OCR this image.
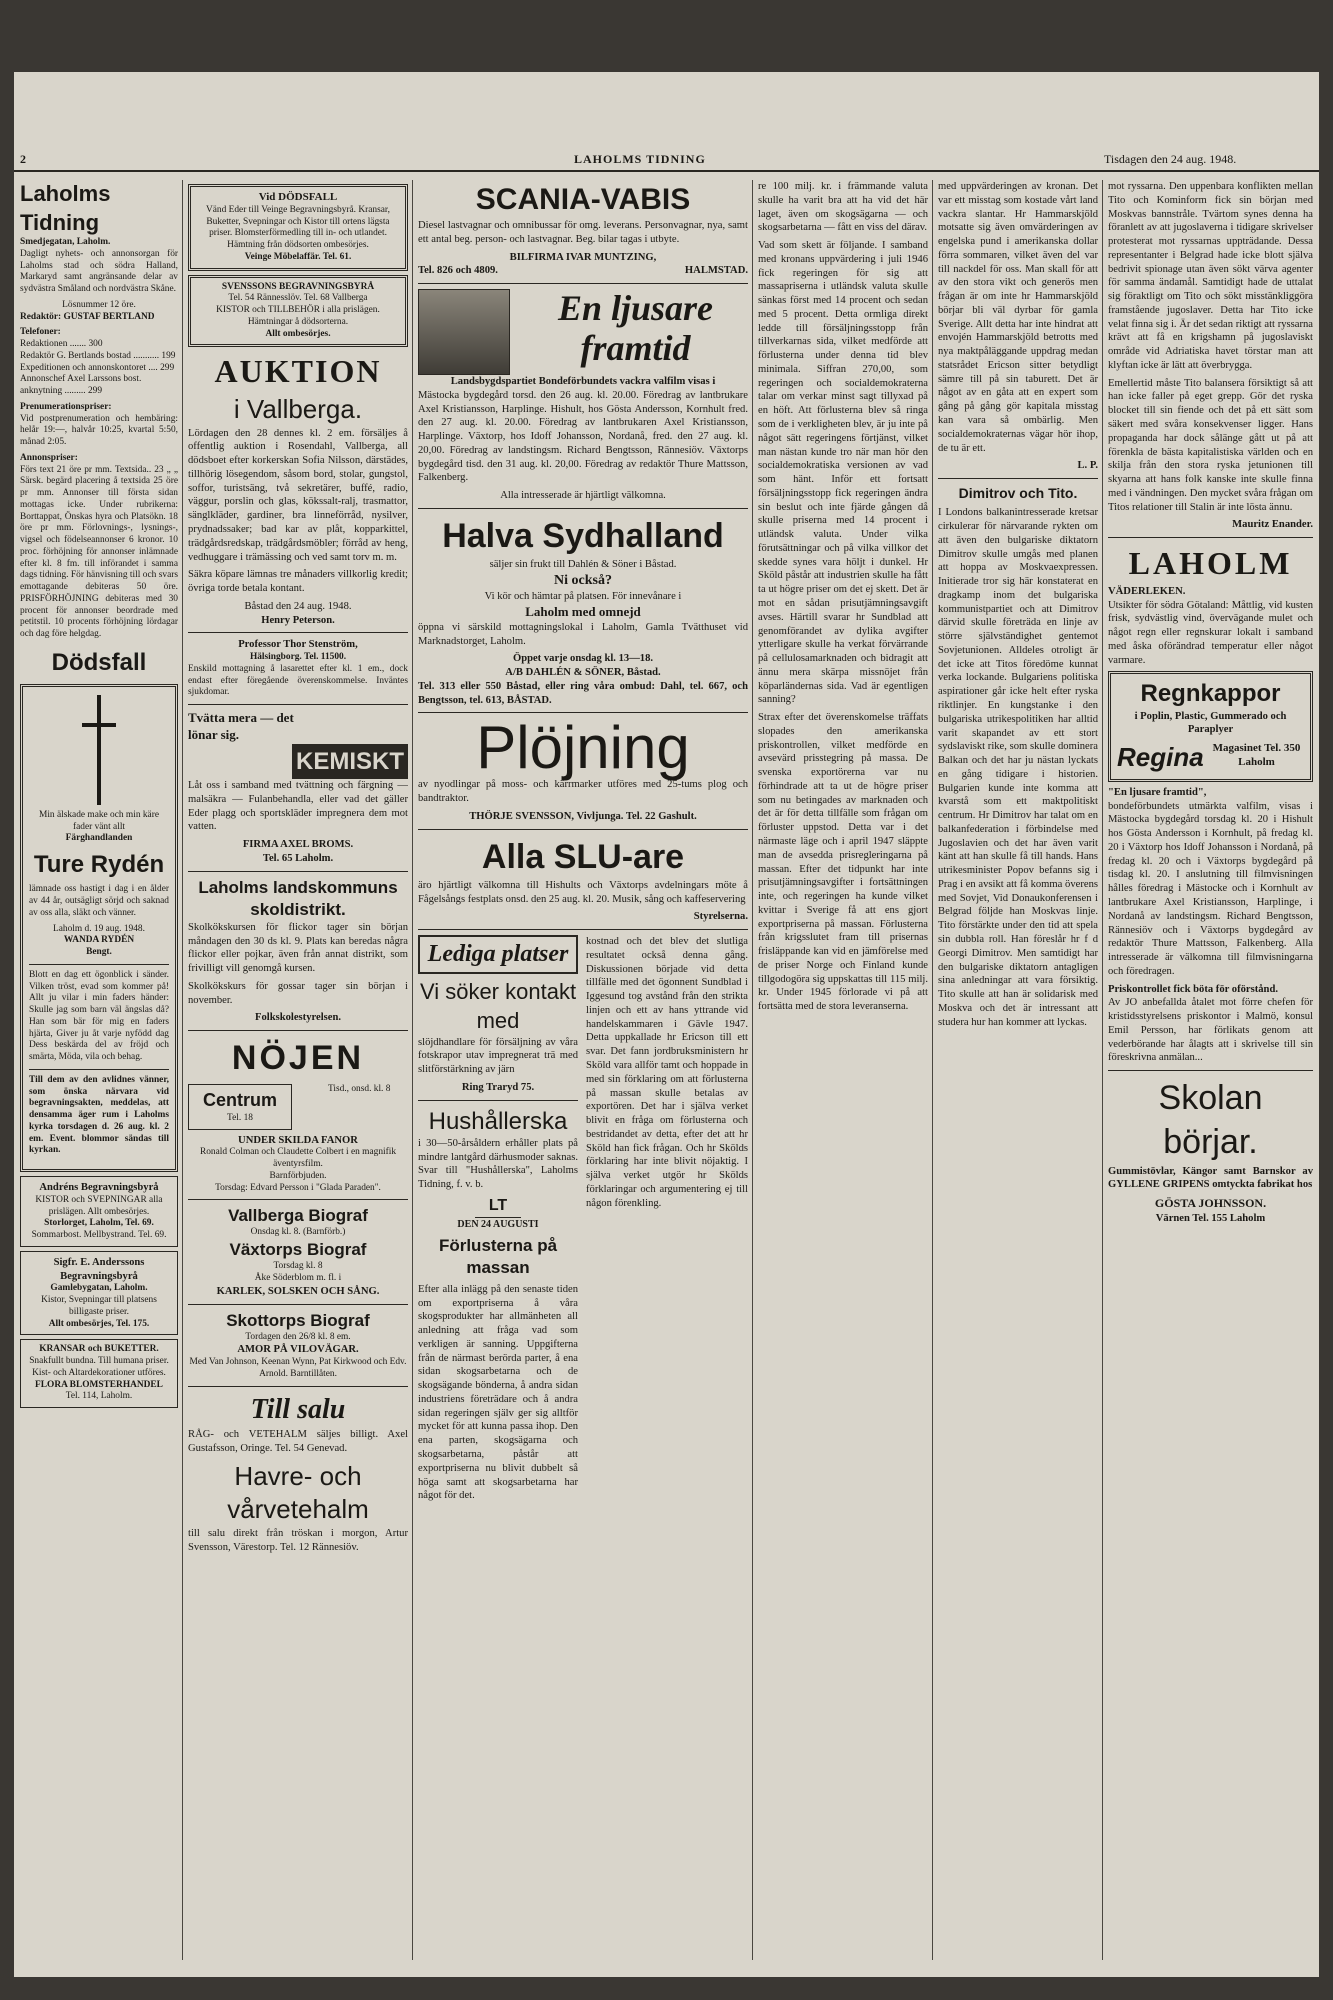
2	LAHOLMS TIDNING	Tisdagen den 24 aug. 1948.
Laholms Tidning
Smedjegatan, Laholm.

Dagligt nyhets- och annonsorgan för Laholms stad och södra Halland, Markaryd samt angränsande delar av sydvästra Småland och nordvästra Skåne.

Lösnummer 12 öre.
Redaktör: GUSTAF BERTLAND
Telefoner:
Redaktionen ....... 300
Redaktör G. Bertlands bostad ........... 199
Expeditionen och annonskontoret .... 299
Annonschef Axel Larssons bost. anknytning ......... 299
Prenumerationspriser:

Vid postprenumeration och hembäring: helår 19:—, halvår 10:25, kvartal 5:50, månad 2:05.

Annonspriser:

Förs text 21 öre pr mm. Textsida.. 23 „ „ Särsk. begärd placering å textsida 25 öre pr mm. Annonser till första sidan mottagas icke. Under rubrikerna: Borttappat, Önskas hyra och Platsökn. 18 öre pr mm. Förlovnings-, lysnings-, vigsel och födelseannonser 6 kronor. 10 proc. förhöjning för annonser inlämnade efter kl. 8 fm. till införandet i samma dags tidning. För hänvisning till och svars emottagande debiteras 50 öre. PRISFÖRHÖJNING debiteras med 30 procent för annonser beordrade med petitstil. 10 procents förhöjning lördagar och dag före helgdag.

Dödsfall
Min älskade make och min käre fader vänt allt
Färghandlanden
Ture Rydén

lämnade oss hastigt i dag i en ålder av 44 år, outsägligt sörjd och saknad av oss alla, släkt och vänner.

Laholm d. 19 aug. 1948.
WANDA RYDÉN
Bengt.

Blott en dag ett ögonblick i sänder. Vilken tröst, evad som kommer på! Allt ju vilar i min faders händer: Skulle jag som barn väl ängslas då? Han som bär för mig en faders hjärta, Giver ju åt varje nyfödd dag Dess beskärda del av fröjd och smärta, Möda, vila och behag.

Till dem av den avlidnes vänner, som önska närvara vid begravningsakten, meddelas, att densamma äger rum i Laholms kyrka torsdagen d. 26 aug. kl. 2 em. Event. blommor sändas till kyrkan.

Andréns Begravningsbyrå
KISTOR och SVEPNINGAR alla prislägen. Allt ombesörjes.
Storlorget, Laholm, Tel. 69.
Sommarbost. Mellbystrand. Tel. 69.
Sigfr. E. Anderssons Begravningsbyrå
Gamlebygatan, Laholm.
Kistor, Svepningar till platsens billigaste priser.
Allt ombesörjes, Tel. 175.
KRANSAR och BUKETTER.
Snakfullt bundna. Till humana priser. Kist- och Altardekorationer utföres.
FLORA BLOMSTERHANDEL
Tel. 114, Laholm.
Vid DÖDSFALL
Vänd Eder till Veinge Begravningsbyrå. Kransar, Buketter, Svepningar och Kistor till ortens lägsta priser. Blomsterförmedling till in- och utlandet. Hämtning från dödsorten ombesörjes.
Veinge Möbelaffär. Tel. 61.
SVENSSONS BEGRAVNINGSBYRÅ
Tel. 54 Rännesslöv. Tel. 68 Vallberga
KISTOR och TILLBEHÖR i alla prislägen. Hämtningar å dödsorterna.
Allt ombesörjes.
AUKTION
i Vallberga.

Lördagen den 28 dennes kl. 2 em. försäljes å offentlig auktion i Rosendahl, Vallberga, all dödsboet efter korkerskan Sofia Nilsson, därstädes, tillhörig lösegendom, såsom bord, stolar, gungstol, soffor, turistsäng, två sekretärer, buffé, radio, väggur, porslin och glas, kökssalt-ralj, trasmattor, sänglkläder, gardiner, bra linneförråd, nysilver, prydnadssaker; bad kar av plåt, kopparkittel, trädgårdsredskap, trädgårdsmöbler; förråd av heng, vedhuggare i trämässing och ved samt torv m. m.

Säkra köpare lämnas tre månaders villkorlig kredit; övriga torde betala kontant.

Båstad den 24 aug. 1948.
Henry Peterson.
Professor Thor Stenström,
Hälsingborg. Tel. 11500.

Enskild mottagning å lasarettet efter kl. 1 em., dock endast efter föregående överenskommelse. Inväntes sjukdomar.

Tvätta mera — det lönar sig.
KEMISKT

Låt oss i samband med tvättning och färgning — malsäkra — Fulanbehandla, eller vad det gäller Eder plagg och sportskläder impregnera dem mot vatten.

FIRMA AXEL BROMS.
Tel. 65 Laholm.
Laholms landskommuns skoldistrikt.

Skolkökskursen för flickor tager sin början måndagen den 30 ds kl. 9. Plats kan beredas några flickor eller pojkar, även från annat distrikt, som frivilligt vill genomgå kursen.

Skolkökskurs för gossar tager sin början i november.

Folkskolestyrelsen.
NÖJEN
Centrum
Tel. 18
Tisd., onsd. kl. 8
UNDER SKILDA FANOR
Ronald Colman och Claudette Colbert i en magnifik äventyrsfilm.
Barnförbjuden.
Torsdag: Edvard Persson i "Glada Paraden".
Vallberga Biograf
Onsdag kl. 8. (Barnförb.)
Växtorps Biograf
Torsdag kl. 8
Åke Söderblom m. fl. i
KARLEK, SOLSKEN OCH SÅNG.
Skottorps Biograf
Tordagen den 26/8 kl. 8 em.
AMOR PÅ VILOVÄGAR.
Med Van Johnson, Keenan Wynn, Pat Kirkwood och Edv. Arnold. Barntillåten.
Till salu

RÅG- och VETEHALM säljes billigt. Axel Gustafsson, Oringe. Tel. 54 Genevad.

Havre- och vårvetehalm

till salu direkt från tröskan i morgon, Artur Svensson, Värestorp. Tel. 12 Rännesiöv.

SCANIA-VABIS

Diesel lastvagnar och omnibussar för omg. leverans. Personvagnar, nya, samt ett antal beg. person- och lastvagnar. Beg. bilar tagas i utbyte.

BILFIRMA IVAR MUNTZING,
Tel. 826 och 4809.	HALMSTAD.
En ljusare framtid
Landsbygdspartiet Bondeförbundets vackra valfilm visas i

Mästocka bygdegård torsd. den 26 aug. kl. 20.00. Föredrag av lantbrukare Axel Kristiansson, Harplinge. Hishult, hos Gösta Andersson, Kornhult fred. den 27 aug. kl. 20.00. Föredrag av lantbrukaren Axel Kristiansson, Harplinge. Växtorp, hos Idoff Johansson, Nordanå, fred. den 27 aug. kl. 20,00. Föredrag av landstingsm. Richard Bengtsson, Rännesiöv. Växtorps bygdegård tisd. den 31 aug. kl. 20,00. Föredrag av redaktör Thure Mattsson, Falkenberg.

Alla intresserade är hjärtligt välkomna.
Halva Sydhalland
säljer sin frukt till Dahlén & Söner i Båstad.
Ni också?
Vi kör och hämtar på platsen. För innevånare i
Laholm med omnejd

öppna vi särskild mottagningslokal i Laholm, Gamla Tvätthuset vid Marknadstorget, Laholm.

Öppet varje onsdag kl. 13—18.
A/B DAHLÉN & SÖNER, Båstad.

Tel. 313 eller 550 Båstad, eller ring våra ombud: Dahl, tel. 667, och Bengtsson, tel. 613, BÅSTAD.

Plöjning

av nyodlingar på moss- och kärrmarker utföres med 25-tums plog och bandtraktor.

THÖRJE SVENSSON, Vivljunga. Tel. 22 Gashult.
Alla SLU-are

äro hjärtligt välkomna till Hishults och Växtorps avdelningars möte å Fågelsångs festplats onsd. den 25 aug. kl. 20. Musik, sång och kaffeservering

Styrelserna.
Lediga platser
Vi söker kontakt med

slöjdhandlare för försäljning av våra fotskrapor utav impregnerat trä med slitförstärkning av järn

Ring Traryd 75.
Hushållerska

i 30—50-årsåldern erhåller plats på mindre lantgård därhusmoder saknas. Svar till "Hushållerska", Laholms Tidning, f. v. b.

LT
DEN 24 AUGUSTI
Förlusterna på massan

Efter alla inlägg på den senaste tiden om exportpriserna å våra skogsprodukter har allmänheten all anledning att fråga vad som verkligen är sanning. Uppgifterna från de närmast berörda parter, å ena sidan skogsarbetarna och de skogsägande bönderna, å andra sidan industriens företrädare och å andra sidan regeringen själv ger sig alltför mycket för att kunna passa ihop. Den ena parten, skogsägarna och skogsarbetarna, påstår att exportpriserna nu blivit dubbelt så höga samt att skogsarbetarna har något för det.

kostnad och det blev det slutliga resultatet också denna gång. Diskussionen började vid detta tillfälle med det ögonnent Sundblad i Iggesund tog avstånd från den strikta linjen och ett av hans yttrande vid handelskammaren i Gävle 1947. Detta uppkallade hr Ericson till ett svar. Det fann jordbruksministern hr Sköld vara allför tamt och hoppade in med sin förklaring om att förlusterna på massan skulle betalas av exportören. Det har i själva verket blivit en fråga om förlusterna och bestridandet av detta, efter det att hr Sköld han fick frågan. Och hr Skölds förklaring har inte blivit nöjaktig. I själva verket utgör hr Skölds förklaringar och argumentering ej till någon förenkling.

re 100 milj. kr. i främmande valuta skulle ha varit bra att ha vid det här laget, även om skogsägarna — och skogsarbetarna — fått en viss del därav.

Vad som skett är följande. I samband med kronans uppvärdering i juli 1946 fick regeringen för sig att massapriserna i utländsk valuta skulle sänkas först med 14 procent och sedan med 5 procent. Detta ormliga direkt ledde till försäljningsstopp från tillverkarnas sida, vilket medförde att förlusterna under denna tid blev minimala. Siffran 270,00, som regeringen och socialdemokraterna talar om verkar minst sagt tillyxad på en höft. Att förlusterna blev så ringa som de i verkligheten blev, är ju inte på något sätt regeringens förtjänst, vilket man nästan kunde tro när man hör den socialdemokratiska versionen av vad som hänt. Inför ett fortsatt försäljningsstopp fick regeringen ändra sin beslut och inte fjärde gången då skulle priserna med 14 procent i utländsk valuta. Under vilka förutsättningar och på vilka villkor det skedde synes vara höljt i dunkel. Hr Sköld påstår att industrien skulle ha fått ta ut högre priser om det ej skett. Det är mot en sådan prisutjämningsavgift avses. Härtill svarar hr Sundblad att genomförandet av dylika avgifter ytterligare skulle ha verkat förvärrande på cellulosamarknaden och bidragit att ännu mera skärpa missnöjet från köparländernas sida. Vad är egentligen sanning?

Strax efter det överenskomelse träffats slopades den amerikanska priskontrollen, vilket medförde en avsevärd prisstegring på massa. De svenska exportörerna var nu förhindrade att ta ut de högre priser som nu betingades av marknaden och det är för detta tillfälle som frågan om förluster uppstod. Detta var i det närmaste läge och i april 1947 släppte man de avsedda prisregleringarna på massan. Efter det tidpunkt har inte prisutjämningsavgifter i fortsättningen inte, och regeringen ha kunde vilket kvittar i Sverige få att ens gjort exportpriserna på massan. Förlusterna från krigsslutet fram till prisernas frisläppande kan vid en jämförelse med de priser Norge och Finland kunde tillgodogöra sig uppskattas till 115 milj. kr. Under 1945 förlorade vi på att fortsätta med de stora leveranserna.

med uppvärderingen av kronan. Det var ett misstag som kostade vårt land vackra slantar. Hr Hammarskjöld motsatte sig även omvärderingen av engelska pund i amerikanska dollar förra sommaren, vilket även del var till nackdel för oss. Man skall för att av den stora vikt och generös men frågan är om inte hr Hammarskjöld börjar bli väl dyrbar för gamla Sverige. Allt detta har inte hindrat att envojén Hammarskjöld betrotts med nya maktpåläggande uppdrag medan statsrådet Ericson sitter betydligt sämre till på sin taburett. Det är något av en gåta att en expert som gång på gång gör kapitala misstag kan vara så ombärlig. Men socialdemokraternas vägar hör ihop, de tu är ett.

L. P.
Dimitrov och Tito.

I Londons balkanintresserade kretsar cirkulerar för närvarande rykten om att även den bulgariske diktatorn Dimitrov skulle umgås med planen att hoppa av Moskvaexpressen. Initierade tror sig här konstaterat en dragkamp inom det bulgariska kommunistpartiet och att Dimitrov därvid skulle företräda en linje av större självständighet gentemot Sovjetunionen. Alldeles otroligt är det icke att Titos föredöme kunnat verka lockande. Bulgariens politiska aspirationer går icke helt efter ryska riktlinjer. En kungstanke i den bulgariska utrikespolitiken har alltid varit skapandet av ett stort sydslaviskt rike, som skulle dominera Balkan och det har ju nästan lyckats en gång tidigare i historien. Bulgarien kunde inte komma att kvarstå som ett maktpolitiskt centrum. Hr Dimitrov har talat om en balkanfederation i förbindelse med Jugoslavien och det har även varit känt att han skulle få till hands. Hans utrikesminister Popov befanns sig i Prag i en avsikt att få komma överens med Sovjet, Vid Donaukonferensen i Belgrad följde han Moskvas linje. Tito förstärkte under den tid att spela sin dubbla roll. Han föreslår hr f d Georgi Dimitrov. Men samtidigt har den bulgariske diktatorn antagligen sina anledningar att vara försiktig. Tito skulle att han är solidarisk med Moskva och det är intressant att studera hur han kommer att lyckas.

mot ryssarna. Den uppenbara konflikten mellan Tito och Kominform fick sin början med Moskvas bannstråle. Tvärtom synes denna ha föranlett av att jugoslaverna i tidigare skrivelser protesterat mot ryssarnas uppträdande. Dessa representanter i Belgrad hade icke blott själva bedrivit spionage utan även sökt värva agenter för samma ändamål. Samtidigt hade de uttalat sig föraktligt om Tito och sökt misstänkliggöra framstående jugoslaver. Detta har Tito icke velat finna sig i. Är det sedan riktigt att ryssarna krävt att få en krigshamn på jugoslaviskt område vid Adriatiska havet törstar man att klyftan icke är lätt att överbrygga.

Emellertid måste Tito balansera försiktigt så att han icke faller på eget grepp. Gör det ryska blocket till sin fiende och det på ett sätt som säkert med svåra konsekvenser ligger. Hans propaganda har dock sålänge gått ut på att förenkla de bästa kapitalistiska världen och en skilja från den stora ryska jetunionen till skyarna att hans folk kanske inte skulle finna med i vändningen. Den mycket svåra frågan om Titos relationer till Stalin är inte lösta ännu.

Mauritz Enander.
LAHOLM
VÄDERLEKEN.

Utsikter för södra Götaland: Måttlig, vid kusten frisk, sydvästlig vind, övervägande mulet och något regn eller regnskurar lokalt i samband med åska oförändrad temperatur eller något varmare.

Regnkappor
i Poplin, Plastic, Gummerado och Paraplyer
Regina Magasinet Tel. 350 Laholm
"En ljusare framtid",

bondeförbundets utmärkta valfilm, visas i Mästocka bygdegård torsdag kl. 20 i Hishult hos Gösta Andersson i Kornhult, på fredag kl. 20 i Växtorp hos Idoff Johansson i Nordanå, på fredag kl. 20 och i Växtorps bygdegård på tisdag kl. 20. I anslutning till filmvisningen hålles föredrag i Mästocke och i Kornhult av lantbrukare Axel Kristiansson, Harplinge, i Nordanå av landstingsm. Richard Bengtsson, Rännesiöv och i Växtorps bygdegård av redaktör Thure Mattsson, Falkenberg. Alla intresserade är välkomna till filmvisningarna och föredragen.

Priskontrollet fick böta för oförstånd.

Av JO anbefallda åtalet mot förre chefen för kristidsstyrelsens priskontor i Malmö, konsul Emil Persson, har förlikats genom att vederbörande har ålagts att i skrivelse till sin föreskrivna anmälan...

Skolan börjar.

Gummistövlar, Kängor samt Barnskor av GYLLENE GRIPENS omtyckta fabrikat hos

GÖSTA JOHNSSON.
Värnen Tel. 155 Laholm
